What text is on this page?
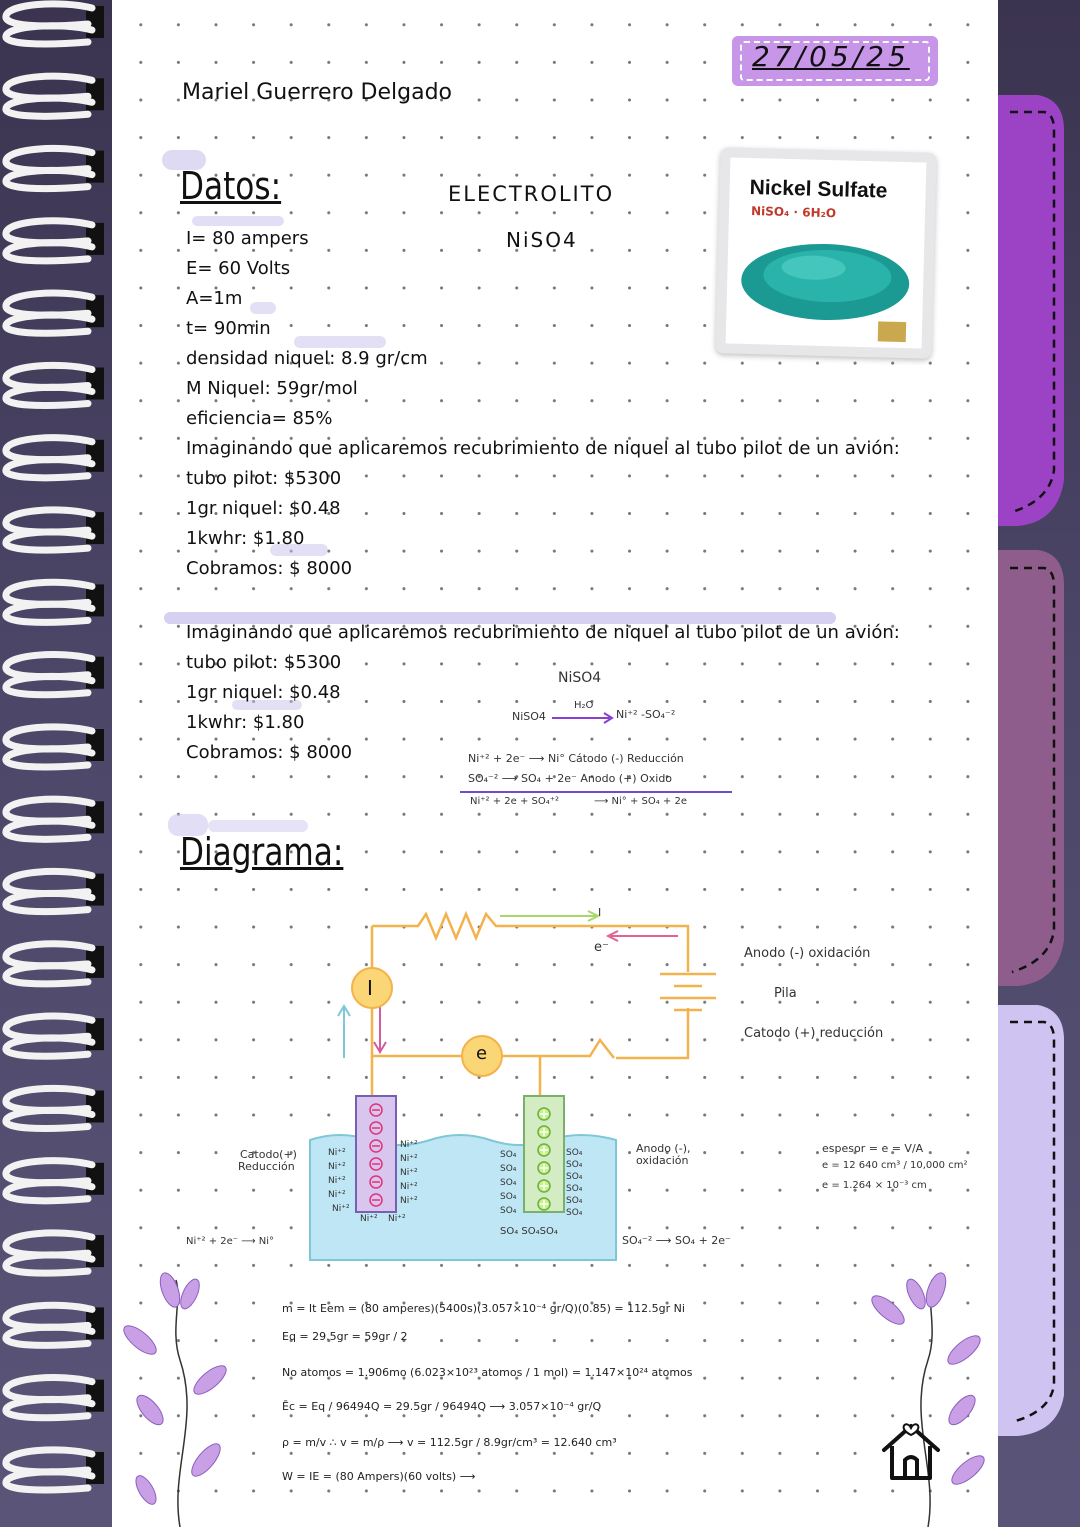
Mariel Guerrero Delgado
27/05/25
Datos:	ELECTROLITO
NiSO4
I= 80 ampers
E= 60 Volts
A=1m
t= 90min
densidad niquel: 8.9 gr/cm
M Niquel: 59gr/mol
eficiencia= 85%
Imaginando que aplicaremos recubrimiento de niquel al tubo pilot de un avión:
tubo pilot: $5300
1gr niquel: $0.48
1kwhr: $1.80
Cobramos: $ 8000
Nickel Sulfate
NiSO₄ · 6H₂O
Imaginando que aplicaremos recubrimiento de niquel al tubo pilot de un avión:
tubo pilot: $5300
1gr niquel: $0.48
1kwhr: $1.80
Cobramos: $ 8000
NiSO4
H₂O
NiSO4	Ni⁺² -SO₄⁻²
Ni⁺² + 2e⁻ ⟶ Ni° Cátodo (-) Reducción
SO₄⁻² ⟶ SO₄ + 2e⁻ Anodo (+) Oxido
Ni⁺² + 2e + SO₄⁺²	⟶ Ni° + SO₄ + 2e
Diagrama:
I
e
I
e⁻	Anodo (-) oxidación
Pila
Catodo (+) reducción
Catodo(+)
Reducción
Anodo (-),
oxidación
Ni⁺²
Ni⁺²
Ni⁺²
Ni⁺²
Ni⁺²
Ni⁺²
Ni⁺²
Ni⁺²
Ni⁺²
Ni⁺²
Ni⁺² Ni⁺²
SO₄
SO₄
SO₄
SO₄
SO₄
SO₄
SO₄
SO₄
SO₄
SO₄
SO₄
SO₄ SO₄SO₄
Ni⁺² + 2e⁻ ⟶ Ni°	SO₄⁻² ⟶ SO₄ + 2e⁻
espesor = e = V/A
e = 12 640 cm³ / 10,000 cm²
e = 1.264 × 10⁻³ cm
m = It Eem = (80 amperes)(5400s)(3.057×10⁻⁴ gr/Q)(0.85) = 112.5gr Ni
Eq = 29.5gr = 59gr / 2
No atomos = 1.906mo (6.023×10²³ atomos / 1 mol) = 1.147×10²⁴ atomos
Ēc = Eq / 96494Q = 29.5gr / 96494Q ⟶ 3.057×10⁻⁴ gr/Q
ρ = m/v ∴ v = m/ρ ⟶ v = 112.5gr / 8.9gr/cm³ = 12.640 cm³
W = IE = (80 Ampers)(60 volts) ⟶
